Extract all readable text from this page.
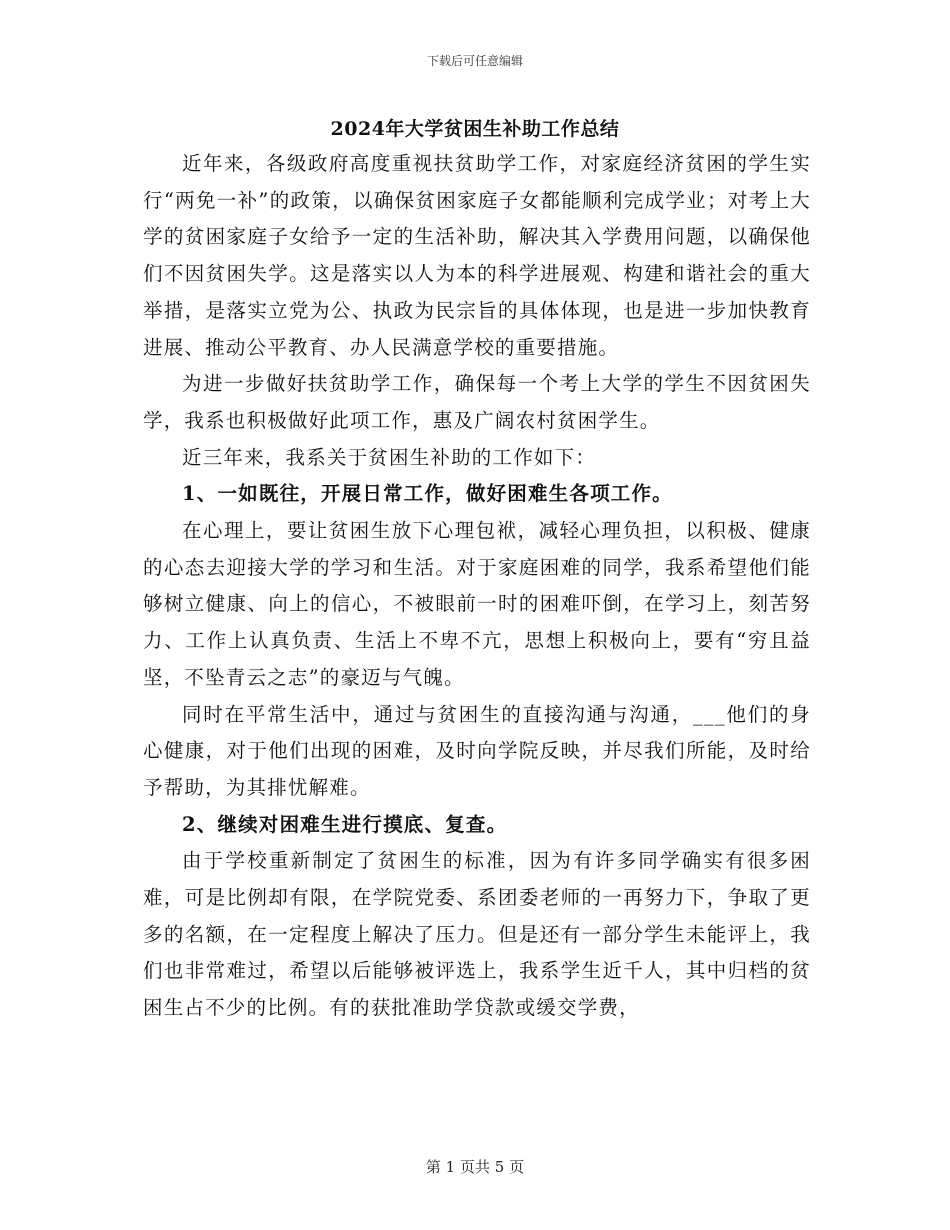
下载后可任意编辑
2024年大学贫困生补助工作总结

近年来，各级政府高度重视扶贫助学工作，对家庭经济贫困的学生实行“两免一补”的政策，以确保贫困家庭子女都能顺利完成学业；对考上大学的贫困家庭子女给予一定的生活补助，解决其入学费用问题，以确保他们不因贫困失学。这是落实以人为本的科学进展观、构建和谐社会的重大举措，是落实立党为公、执政为民宗旨的具体体现，也是进一步加快教育进展、推动公平教育、办人民满意学校的重要措施。

为进一步做好扶贫助学工作，确保每一个考上大学的学生不因贫困失学，我系也积极做好此项工作，惠及广阔农村贫困学生。

近三年来，我系关于贫困生补助的工作如下：

1、一如既往，开展日常工作，做好困难生各项工作。

在心理上，要让贫困生放下心理包袱，减轻心理负担，以积极、健康的心态去迎接大学的学习和生活。对于家庭困难的同学，我系希望他们能够树立健康、向上的信心，不被眼前一时的困难吓倒，在学习上，刻苦努力、工作上认真负责、生活上不卑不亢，思想上积极向上，要有“穷且益坚，不坠青云之志”的豪迈与气魄。

同时在平常生活中，通过与贫困生的直接沟通与沟通，___他们的身心健康，对于他们出现的困难，及时向学院反映，并尽我们所能，及时给予帮助，为其排忧解难。

2、继续对困难生进行摸底、复查。

由于学校重新制定了贫困生的标准，因为有许多同学确实有很多困难，可是比例却有限，在学院党委、系团委老师的一再努力下，争取了更多的名额，在一定程度上解决了压力。但是还有一部分学生未能评上，我们也非常难过，希望以后能够被评选上，我系学生近千人，其中归档的贫困生占不少的比例。有的获批准助学贷款或缓交学费，

第 1 页共 5 页
